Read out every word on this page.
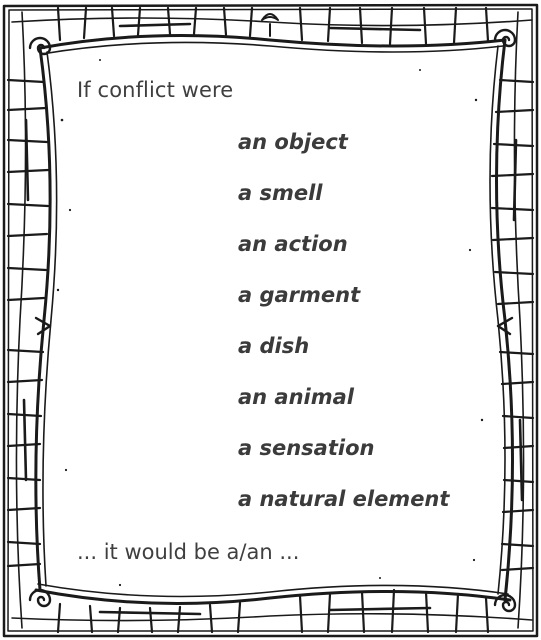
If conflict were
an object
a smell
an action
a garment
a dish
an animal
a sensation
a natural element
... it would be a/an ...
